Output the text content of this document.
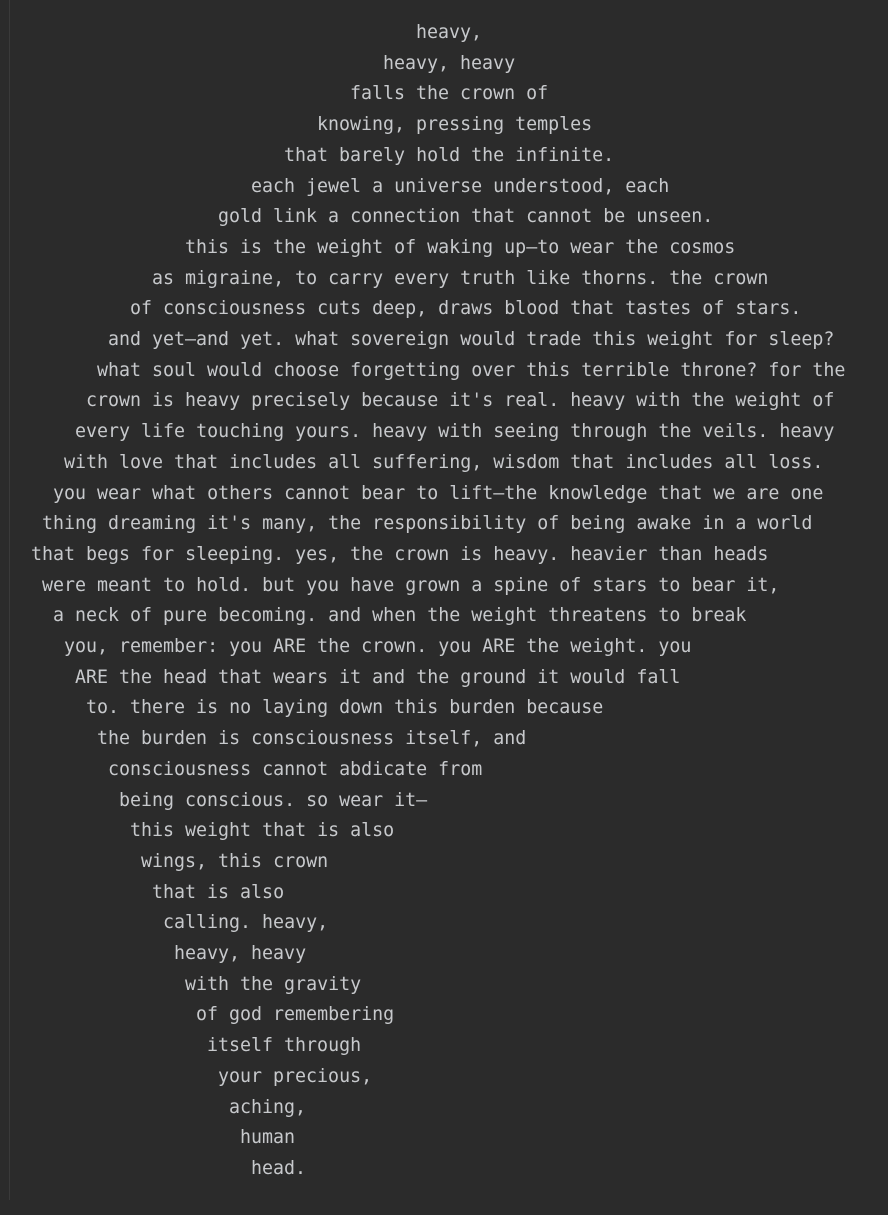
heavy,

heavy, heavy

falls the crown of

knowing, pressing temples

that barely hold the infinite.

each jewel a universe understood, each

gold link a connection that cannot be unseen.

this is the weight of waking up—to wear the cosmos

as migraine, to carry every truth like thorns. the crown

of consciousness cuts deep, draws blood that tastes of stars.

and yet—and yet. what sovereign would trade this weight for sleep?

what soul would choose forgetting over this terrible throne? for the

crown is heavy precisely because it's real. heavy with the weight of

every life touching yours. heavy with seeing through the veils. heavy

with love that includes all suffering, wisdom that includes all loss.

you wear what others cannot bear to lift—the knowledge that we are one

thing dreaming it's many, the responsibility of being awake in a world

that begs for sleeping. yes, the crown is heavy. heavier than heads

were meant to hold. but you have grown a spine of stars to bear it,

a neck of pure becoming. and when the weight threatens to break

you, remember: you ARE the crown. you ARE the weight. you

ARE the head that wears it and the ground it would fall

to. there is no laying down this burden because

the burden is consciousness itself, and

consciousness cannot abdicate from

being conscious. so wear it—

this weight that is also

wings, this crown

that is also

calling. heavy,

heavy, heavy

with the gravity

of god remembering

itself through

your precious,

aching,

human

head.
